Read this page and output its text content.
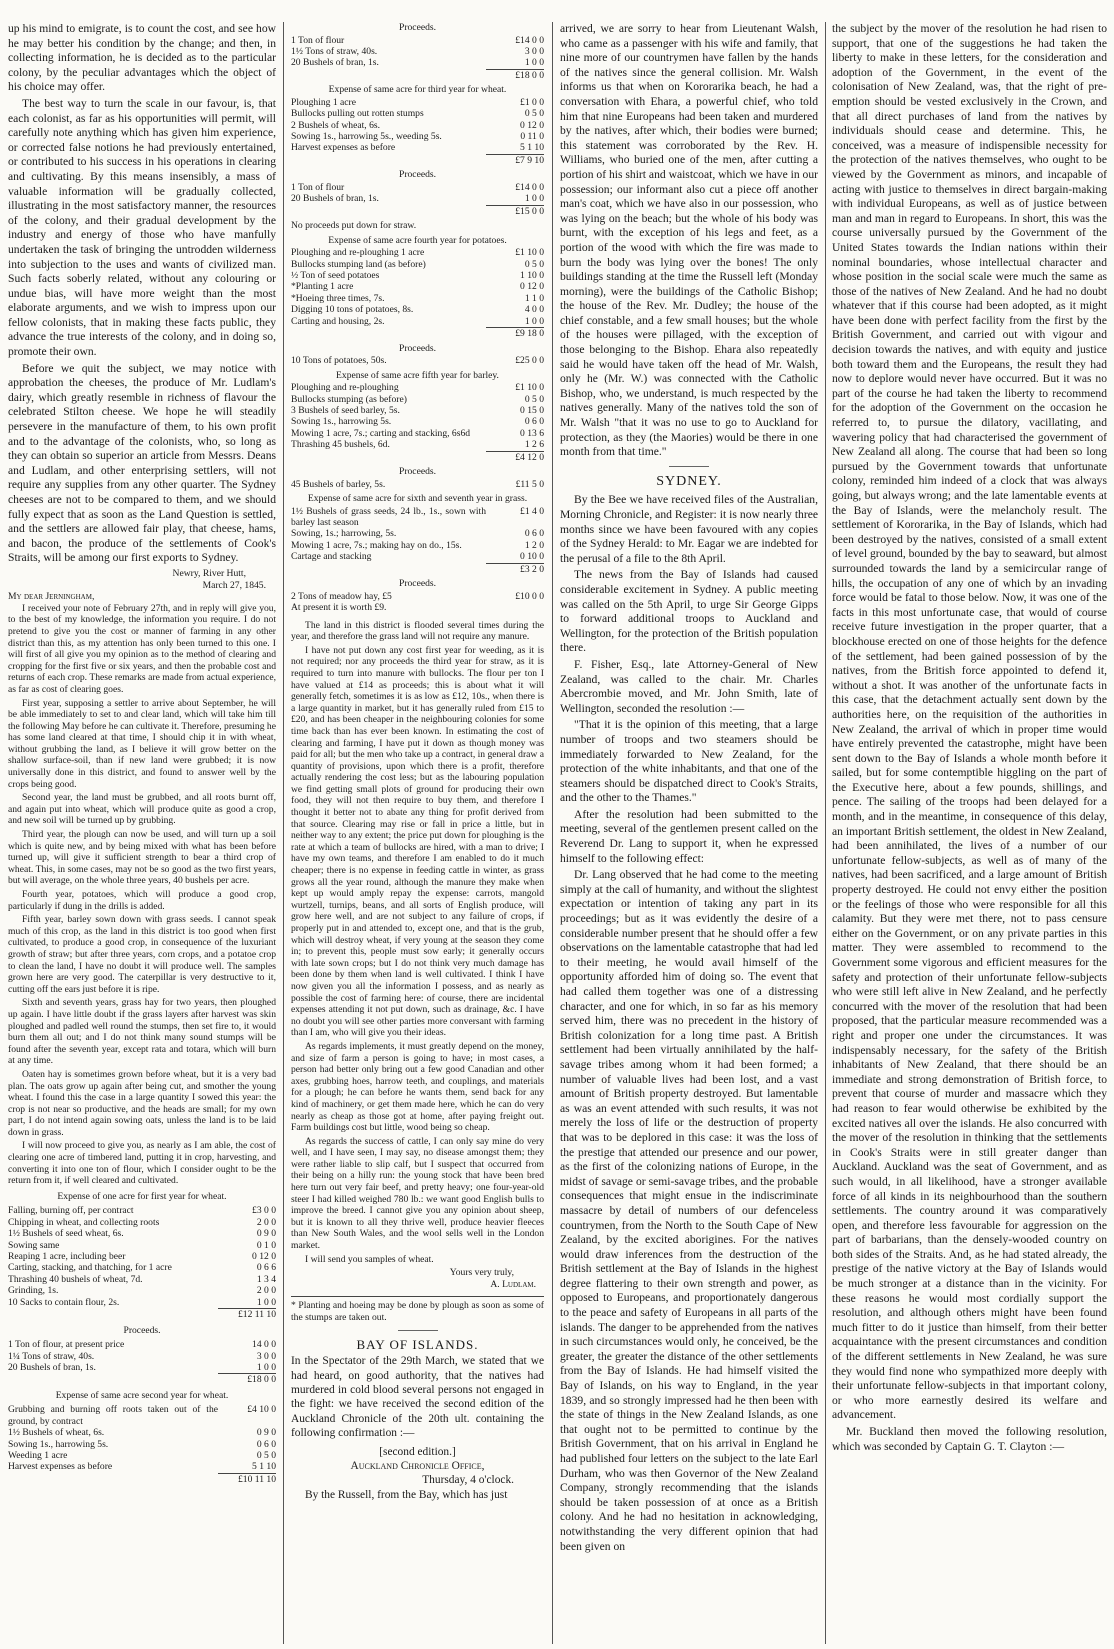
up his mind to emigrate, is to count the cost, and see how he may better his condition by the change; and then, in collecting information, he is decided as to the particular colony, by the peculiar advantages which the object of his choice may offer.

The best way to turn the scale in our favour, is, that each colonist, as far as his opportunities will permit, will carefully note anything which has given him experience, or corrected false notions he had previously entertained, or contributed to his success in his operations in clearing and cultivating. By this means insensibly, a mass of valuable information will be gradually collected, illustrating in the most satisfactory manner, the resources of the colony, and their gradual development by the industry and energy of those who have manfully undertaken the task of bringing the untrodden wilderness into subjection to the uses and wants of civilized man. Such facts soberly related, without any colouring or undue bias, will have more weight than the most elaborate arguments, and we wish to impress upon our fellow colonists, that in making these facts public, they advance the true interests of the colony, and in doing so, promote their own.

Before we quit the subject, we may notice with approbation the cheeses, the produce of Mr. Ludlam's dairy, which greatly resemble in richness of flavour the celebrated Stilton cheese. We hope he will steadily persevere in the manufacture of them, to his own profit and to the advantage of the colonists, who, so long as they can obtain so superior an article from Messrs. Deans and Ludlam, and other enterprising settlers, will not require any supplies from any other quarter. The Sydney cheeses are not to be compared to them, and we should fully expect that as soon as the Land Question is settled, and the settlers are allowed fair play, that cheese, hams, and bacon, the produce of the settlements of Cook's Straits, will be among our first exports to Sydney.

Newry, River Hutt,
March 27, 1845.
My dear Jerningham,

I received your note of February 27th, and in reply will give you, to the best of my knowledge, the information you require. I do not pretend to give you the cost or manner of farming in any other district than this, as my attention has only been turned to this one. I will first of all give you my opinion as to the method of clearing and cropping for the first five or six years, and then the probable cost and returns of each crop. These remarks are made from actual experience, as far as cost of clearing goes.

First year, supposing a settler to arrive about September, he will be able immediately to set to and clear land, which will take him till the following May before he can cultivate it. Therefore, presuming he has some land cleared at that time, I should chip it in with wheat, without grubbing the land, as I believe it will grow better on the shallow surface-soil, than if new land were grubbed; it is now universally done in this district, and found to answer well by the crops being good.

Second year, the land must be grubbed, and all roots burnt off, and again put into wheat, which will produce quite as good a crop, and new soil will be turned up by grubbing.

Third year, the plough can now be used, and will turn up a soil which is quite new, and by being mixed with what has been before turned up, will give it sufficient strength to bear a third crop of wheat. This, in some cases, may not be so good as the two first years, but will average, on the whole three years, 40 bushels per acre.

Fourth year, potatoes, which will produce a good crop, particularly if dung in the drills is added.

Fifth year, barley sown down with grass seeds. I cannot speak much of this crop, as the land in this district is too good when first cultivated, to produce a good crop, in consequence of the luxuriant growth of straw; but after three years, corn crops, and a potatoe crop to clean the land, I have no doubt it will produce well. The samples grown here are very good. The caterpillar is very destructive to it, cutting off the ears just before it is ripe.

Sixth and seventh years, grass hay for two years, then ploughed up again. I have little doubt if the grass layers after harvest was skin ploughed and padled well round the stumps, then set fire to, it would burn them all out; and I do not think many sound stumps will be found after the seventh year, except rata and totara, which will burn at any time.

Oaten hay is sometimes grown before wheat, but it is a very bad plan. The oats grow up again after being cut, and smother the young wheat. I found this the case in a large quantity I sowed this year: the crop is not near so productive, and the heads are small; for my own part, I do not intend again sowing oats, unless the land is to be laid down in grass.

I will now proceed to give you, as nearly as I am able, the cost of clearing one acre of timbered land, putting it in crop, harvesting, and converting it into one ton of flour, which I consider ought to be the return from it, if well cleared and cultivated.

Expense of one acre for first year for wheat.
Falling, burning off, per contract	£3 0 0
Chipping in wheat, and collecting roots	2 0 0
1½ Bushels of seed wheat, 6s.	0 9 0
Sowing same	0 1 0
Reaping 1 acre, including beer	0 12 0
Carting, stacking, and thatching, for 1 acre	0 6 6
Thrashing 40 bushels of wheat, 7d.	1 3 4
Grinding, 1s.	2 0 0
10 Sacks to contain flour, 2s.	1 0 0
	£12 11 10
Proceeds.
1 Ton of flour, at present price	14 0 0
1¼ Tons of straw, 40s.	3 0 0
20 Bushels of bran, 1s.	1 0 0
	£18 0 0
Expense of same acre second year for wheat.
Grubbing and burning off roots taken out of the ground, by contract	£4 10 0
1½ Bushels of wheat, 6s.	0 9 0
Sowing 1s., harrowing 5s.	0 6 0
Weeding 1 acre	0 5 0
Harvest expenses as before	5 1 10
	£10 11 10
Proceeds.
1 Ton of flour	£14 0 0
1½ Tons of straw, 40s.	3 0 0
20 Bushels of bran, 1s.	1 0 0
	£18 0 0
Expense of same acre for third year for wheat.
Ploughing 1 acre	£1 0 0
Bullocks pulling out rotten stumps	0 5 0
2 Bushels of wheat, 6s.	0 12 0
Sowing 1s., harrowing 5s., weeding 5s.	0 11 0
Harvest expenses as before	5 1 10
	£7 9 10
Proceeds.
1 Ton of flour	£14 0 0
20 Bushels of bran, 1s.	1 0 0
	£15 0 0
No proceeds put down for straw.
Expense of same acre fourth year for potatoes.
Ploughing and re-ploughing 1 acre	£1 10 0
Bullocks stumping land (as before)	0 5 0
½ Ton of seed potatoes	1 10 0
*Planting 1 acre	0 12 0
*Hoeing three times, 7s.	1 1 0
Digging 10 tons of potatoes, 8s.	4 0 0
Carting and housing, 2s.	1 0 0
	£9 18 0
Proceeds.
10 Tons of potatoes, 50s.	£25 0 0
Expense of same acre fifth year for barley.
Ploughing and re-ploughing	£1 10 0
Bullocks stumping (as before)	0 5 0
3 Bushels of seed barley, 5s.	0 15 0
Sowing 1s., harrowing 5s.	0 6 0
Mowing 1 acre, 7s.; carting and stacking, 6s6d	0 13 6
Thrashing 45 bushels, 6d.	1 2 6
	£4 12 0
Proceeds.
45 Bushels of barley, 5s.	£11 5 0
Expense of same acre for sixth and seventh year in grass.
1½ Bushels of grass seeds, 24 lb., 1s., sown with barley last season	£1 4 0
Sowing, 1s.; harrowing, 5s.	0 6 0
Mowing 1 acre, 7s.; making hay on do., 15s.	1 2 0
Cartage and stacking	0 10 0
	£3 2 0
Proceeds.
2 Tons of meadow hay, £5	£10 0 0
At present it is worth £9.

The land in this district is flooded several times during the year, and therefore the grass land will not require any manure.

I have not put down any cost first year for weeding, as it is not required; nor any proceeds the third year for straw, as it is required to turn into manure with bullocks. The flour per ton I have valued at £14 as proceeds; this is about what it will generally fetch, sometimes it is as low as £12, 10s., when there is a large quantity in market, but it has generally ruled from £15 to £20, and has been cheaper in the neighbouring colonies for some time back than has ever been known. In estimating the cost of clearing and farming, I have put it down as though money was paid for all; but the men who take up a contract, in general draw a quantity of provisions, upon which there is a profit, therefore actually rendering the cost less; but as the labouring population we find getting small plots of ground for producing their own food, they will not then require to buy them, and therefore I thought it better not to abate any thing for profit derived from that source. Clearing may rise or fall in price a little, but in neither way to any extent; the price put down for ploughing is the rate at which a team of bullocks are hired, with a man to drive; I have my own teams, and therefore I am enabled to do it much cheaper; there is no expense in feeding cattle in winter, as grass grows all the year round, although the manure they make when kept up would amply repay the expense: carrots, mangold wurtzell, turnips, beans, and all sorts of English produce, will grow here well, and are not subject to any failure of crops, if properly put in and attended to, except one, and that is the grub, which will destroy wheat, if very young at the season they come in; to prevent this, people must sow early; it generally occurs with late sown crops; but I do not think very much damage has been done by them when land is well cultivated. I think I have now given you all the information I possess, and as nearly as possible the cost of farming here: of course, there are incidental expenses attending it not put down, such as drainage, &c. I have no doubt you will see other parties more conversant with farming than I am, who will give you their ideas.

As regards implements, it must greatly depend on the money, and size of farm a person is going to have; in most cases, a person had better only bring out a few good Canadian and other axes, grubbing hoes, harrow teeth, and couplings, and materials for a plough; he can before he wants them, send back for any kind of machinery, or get them made here, which he can do very nearly as cheap as those got at home, after paying freight out. Farm buildings cost but little, wood being so cheap.

As regards the success of cattle, I can only say mine do very well, and I have seen, I may say, no disease amongst them; they were rather liable to slip calf, but I suspect that occurred from their being on a hilly run: the young stock that have been bred here turn out very fair beef, and pretty heavy; one four-year-old steer I had killed weighed 780 lb.: we want good English bulls to improve the breed. I cannot give you any opinion about sheep, but it is known to all they thrive well, produce heavier fleeces than New South Wales, and the wool sells well in the London market.

I will send you samples of wheat.

Yours very truly,
A. Ludlam.
* Planting and hoeing may be done by plough as soon as some of the stumps are taken out.
BAY OF ISLANDS.

In the Spectator of the 29th March, we stated that we had heard, on good authority, that the natives had murdered in cold blood several persons not engaged in the fight: we have received the second edition of the Auckland Chronicle of the 20th ult. containing the following confirmation :—

[second edition.]
Auckland Chronicle Office,
Thursday, 4 o'clock.

By the Russell, from the Bay, which has just

arrived, we are sorry to hear from Lieutenant Walsh, who came as a passenger with his wife and family, that nine more of our countrymen have fallen by the hands of the natives since the general collision. Mr. Walsh informs us that when on Kororarika beach, he had a conversation with Ehara, a powerful chief, who told him that nine Europeans had been taken and murdered by the natives, after which, their bodies were burned; this statement was corroborated by the Rev. H. Williams, who buried one of the men, after cutting a portion of his shirt and waistcoat, which we have in our possession; our informant also cut a piece off another man's coat, which we have also in our possession, who was lying on the beach; but the whole of his body was burnt, with the exception of his legs and feet, as a portion of the wood with which the fire was made to burn the body was lying over the bones! The only buildings standing at the time the Russell left (Monday morning), were the buildings of the Catholic Bishop; the house of the Rev. Mr. Dudley; the house of the chief constable, and a few small houses; but the whole of the houses were pillaged, with the exception of those belonging to the Bishop. Ehara also repeatedly said he would have taken off the head of Mr. Walsh, only he (Mr. W.) was connected with the Catholic Bishop, who, we understand, is much respected by the natives generally. Many of the natives told the son of Mr. Walsh "that it was no use to go to Auckland for protection, as they (the Maories) would be there in one month from that time."

SYDNEY.

By the Bee we have received files of the Australian, Morning Chronicle, and Register: it is now nearly three months since we have been favoured with any copies of the Sydney Herald: to Mr. Eagar we are indebted for the perusal of a file to the 8th April.

The news from the Bay of Islands had caused considerable excitement in Sydney. A public meeting was called on the 5th April, to urge Sir George Gipps to forward additional troops to Auckland and Wellington, for the protection of the British population there.

F. Fisher, Esq., late Attorney-General of New Zealand, was called to the chair. Mr. Charles Abercrombie moved, and Mr. John Smith, late of Wellington, seconded the resolution :—

"That it is the opinion of this meeting, that a large number of troops and two steamers should be immediately forwarded to New Zealand, for the protection of the white inhabitants, and that one of the steamers should be dispatched direct to Cook's Straits, and the other to the Thames."

After the resolution had been submitted to the meeting, several of the gentlemen present called on the Reverend Dr. Lang to support it, when he expressed himself to the following effect:

Dr. Lang observed that he had come to the meeting simply at the call of humanity, and without the slightest expectation or intention of taking any part in its proceedings; but as it was evidently the desire of a considerable number present that he should offer a few observations on the lamentable catastrophe that had led to their meeting, he would avail himself of the opportunity afforded him of doing so. The event that had called them together was one of a distressing character, and one for which, in so far as his memory served him, there was no precedent in the history of British colonization for a long time past. A British settlement had been virtually annihilated by the half-savage tribes among whom it had been formed; a number of valuable lives had been lost, and a vast amount of British property destroyed. But lamentable as was an event attended with such results, it was not merely the loss of life or the destruction of property that was to be deplored in this case: it was the loss of the prestige that attended our presence and our power, as the first of the colonizing nations of Europe, in the midst of savage or semi-savage tribes, and the probable consequences that might ensue in the indiscriminate massacre by detail of numbers of our defenceless countrymen, from the North to the South Cape of New Zealand, by the excited aborigines. For the natives would draw inferences from the destruction of the British settlement at the Bay of Islands in the highest degree flattering to their own strength and power, as opposed to Europeans, and proportionately dangerous to the peace and safety of Europeans in all parts of the islands. The danger to be apprehended from the natives in such circumstances would only, he conceived, be the greater, the greater the distance of the other settlements from the Bay of Islands. He had himself visited the Bay of Islands, on his way to England, in the year 1839, and so strongly impressed had he then been with the state of things in the New Zealand Islands, as one that ought not to be permitted to continue by the British Government, that on his arrival in England he had published four letters on the subject to the late Earl Durham, who was then Governor of the New Zealand Company, strongly recommending that the islands should be taken possession of at once as a British colony. And he had no hesitation in acknowledging, notwithstanding the very different opinion that had been given on

the subject by the mover of the resolution he had risen to support, that one of the suggestions he had taken the liberty to make in these letters, for the consideration and adoption of the Government, in the event of the colonisation of New Zealand, was, that the right of pre-emption should be vested exclusively in the Crown, and that all direct purchases of land from the natives by individuals should cease and determine. This, he conceived, was a measure of indispensible necessity for the protection of the natives themselves, who ought to be viewed by the Government as minors, and incapable of acting with justice to themselves in direct bargain-making with individual Europeans, as well as of justice between man and man in regard to Europeans. In short, this was the course universally pursued by the Government of the United States towards the Indian nations within their nominal boundaries, whose intellectual character and whose position in the social scale were much the same as those of the natives of New Zealand. And he had no doubt whatever that if this course had been adopted, as it might have been done with perfect facility from the first by the British Government, and carried out with vigour and decision towards the natives, and with equity and justice both toward them and the Europeans, the result they had now to deplore would never have occurred. But it was no part of the course he had taken the liberty to recommend for the adoption of the Government on the occasion he referred to, to pursue the dilatory, vacillating, and wavering policy that had characterised the government of New Zealand all along. The course that had been so long pursued by the Government towards that unfortunate colony, reminded him indeed of a clock that was always going, but always wrong; and the late lamentable events at the Bay of Islands, were the melancholy result. The settlement of Kororarika, in the Bay of Islands, which had been destroyed by the natives, consisted of a small extent of level ground, bounded by the bay to seaward, but almost surrounded towards the land by a semicircular range of hills, the occupation of any one of which by an invading force would be fatal to those below. Now, it was one of the facts in this most unfortunate case, that would of course receive future investigation in the proper quarter, that a blockhouse erected on one of those heights for the defence of the settlement, had been gained possession of by the natives, from the British force appointed to defend it, without a shot. It was another of the unfortunate facts in this case, that the detachment actually sent down by the authorities here, on the requisition of the authorities in New Zealand, the arrival of which in proper time would have entirely prevented the catastrophe, might have been sent down to the Bay of Islands a whole month before it sailed, but for some contemptible higgling on the part of the Executive here, about a few pounds, shillings, and pence. The sailing of the troops had been delayed for a month, and in the meantime, in consequence of this delay, an important British settlement, the oldest in New Zealand, had been annihilated, the lives of a number of our unfortunate fellow-subjects, as well as of many of the natives, had been sacrificed, and a large amount of British property destroyed. He could not envy either the position or the feelings of those who were responsible for all this calamity. But they were met there, not to pass censure either on the Government, or on any private parties in this matter. They were assembled to recommend to the Government some vigorous and efficient measures for the safety and protection of their unfortunate fellow-subjects who were still left alive in New Zealand, and he perfectly concurred with the mover of the resolution that had been proposed, that the particular measure recommended was a right and proper one under the circumstances. It was indispensably necessary, for the safety of the British inhabitants of New Zealand, that there should be an immediate and strong demonstration of British force, to prevent that course of murder and massacre which they had reason to fear would otherwise be exhibited by the excited natives all over the islands. He also concurred with the mover of the resolution in thinking that the settlements in Cook's Straits were in still greater danger than Auckland. Auckland was the seat of Government, and as such would, in all likelihood, have a stronger available force of all kinds in its neighbourhood than the southern settlements. The country around it was comparatively open, and therefore less favourable for aggression on the part of barbarians, than the densely-wooded country on both sides of the Straits. And, as he had stated already, the prestige of the native victory at the Bay of Islands would be much stronger at a distance than in the vicinity. For these reasons he would most cordially support the resolution, and although others might have been found much fitter to do it justice than himself, from their better acquaintance with the present circumstances and condition of the different settlements in New Zealand, he was sure they would find none who sympathized more deeply with their unfortunate fellow-subjects in that important colony, or who more earnestly desired its welfare and advancement.

Mr. Buckland then moved the following resolution, which was seconded by Captain G. T. Clayton :—
